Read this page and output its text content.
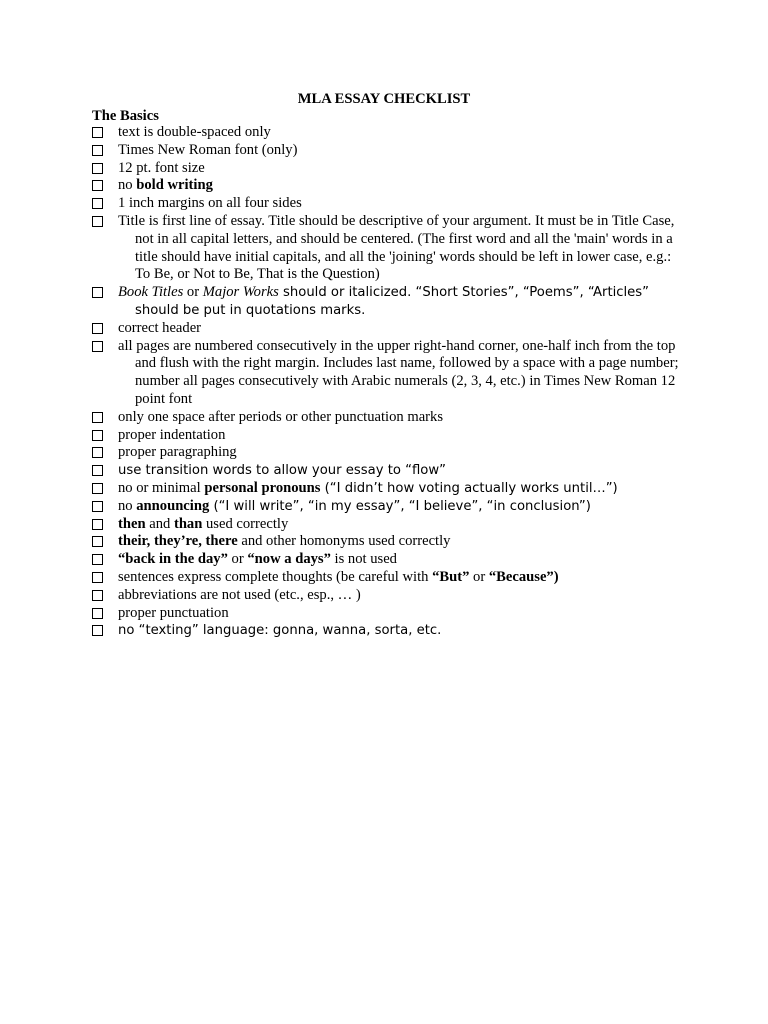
MLA ESSAY CHECKLIST
The Basics
text is double-spaced only
Times New Roman font (only)
12 pt. font size
no bold writing
1 inch margins on all four sides
Title is first line of essay. Title should be descriptive of your argument. It must be in Title Case, not in all capital letters, and should be centered. (The first word and all the 'main' words in a title should have initial capitals, and all the 'joining' words should be left in lower case, e.g.: To Be, or Not to Be, That is the Question)
Book Titles or Major Works should or italicized. “Short Stories”, “Poems”, “Articles” should be put in quotations marks.
correct header
all pages are numbered consecutively in the upper right-hand corner, one-half inch from the top and flush with the right margin. Includes last name, followed by a space with a page number; number all pages consecutively with Arabic numerals (2, 3, 4, etc.) in Times New Roman 12 point font
only one space after periods or other punctuation marks
proper indentation
proper paragraphing
use transition words to allow your essay to “flow”
no or minimal personal pronouns (“I didn’t how voting actually works until…”)
no announcing (“I will write”, “in my essay”, “I believe”, “in conclusion”)
then and than used correctly
their, they’re, there and other homonyms used correctly
“back in the day” or “now a days” is not used
sentences express complete thoughts (be careful with “But” or “Because”)
abbreviations are not used (etc., esp., … )
proper punctuation
no “texting” language: gonna, wanna, sorta, etc.
